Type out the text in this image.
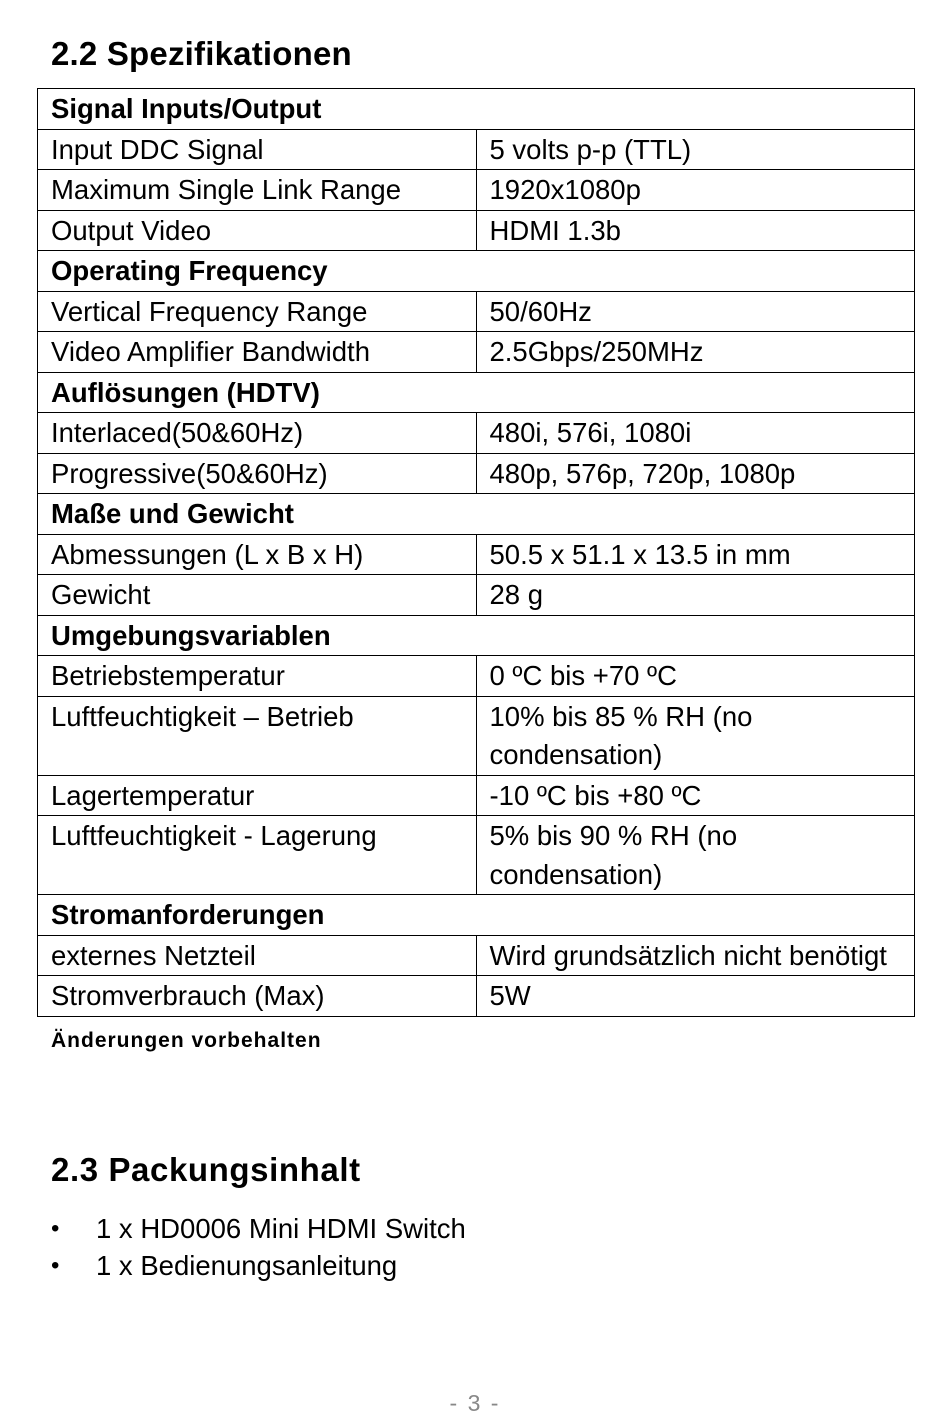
2.2 Spezifikationen
Signal Inputs/Output	
Input DDC Signal	5 volts p-p (TTL)
Maximum Single Link Range	1920x1080p
Output Video	HDMI 1.3b
Operating Frequency	
Vertical Frequency Range	50/60Hz
Video Amplifier Bandwidth	2.5Gbps/250MHz
Auflösungen (HDTV)	
Interlaced(50&60Hz)	480i, 576i, 1080i
Progressive(50&60Hz)	480p, 576p, 720p, 1080p
Maße und Gewicht	
Abmessungen (L x B x H)	50.5 x 51.1 x 13.5 in mm
Gewicht	28 g
Umgebungsvariablen	
Betriebstemperatur	0 ºC bis +70 ºC
Luftfeuchtigkeit – Betrieb	10% bis 85 % RH (no condensation)
Lagertemperatur	-10 ºC bis +80 ºC
Luftfeuchtigkeit - Lagerung	5% bis 90 % RH (no condensation)
Stromanforderungen	
externes Netzteil	Wird grundsätzlich nicht benötigt
Stromverbrauch (Max)	5W
Änderungen vorbehalten
2.3 Packungsinhalt
•	1 x HD0006 Mini HDMI Switch
•	1 x Bedienungsanleitung
- 3 -
